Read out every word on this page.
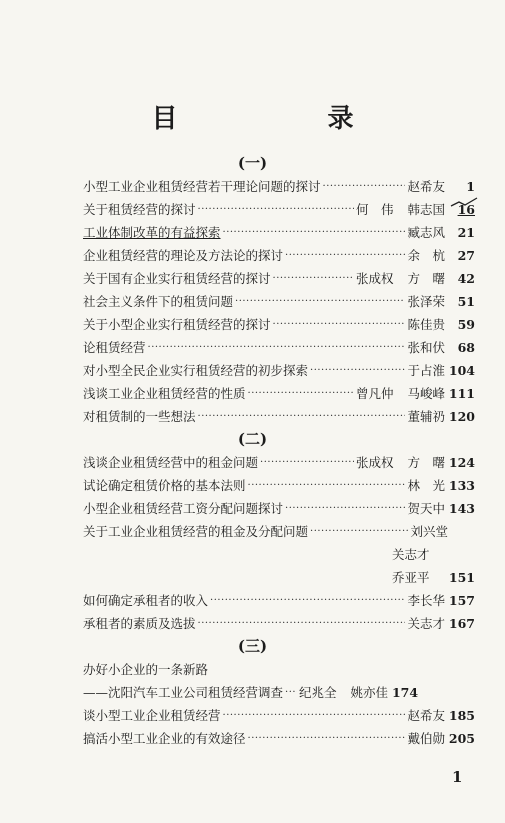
目　录
(一)
小型工业企业租赁经营若干理论问题的探讨 ·····	赵希友	1
关于租赁经营的探讨 ·····	何　伟 韩志国	16
工业体制改革的有益探索 ·····	臧志风	21
企业租赁经营的理论及方法论的探讨 ·····	余　杭	27
关于国有企业实行租赁经营的探讨 ·····	张成权 方　曙	42
社会主义条件下的租赁问题 ·····	张泽荣	51
关于小型企业实行租赁经营的探讨 ·····	陈佳贵	59
论租赁经营 ·····	张和伏	68
对小型全民企业实行租赁经营的初步探索 ·····	于占淮 104
浅谈工业企业租赁经营的性质 ·····	曾凡仲 马峻峰 111
对租赁制的一些想法 ·····	董辅礽 120
(二)
浅谈企业租赁经营中的租金问题 ·····	张成权 方　曙 124
试论确定租赁价格的基本法则 ·····	林　光 133
小型企业租赁经营工资分配问题探讨 ·····	贺天中 143
关于工业企业租赁经营的租金及分配问题 ·····	刘兴堂
关志才
乔亚平	151
如何确定承租者的收入 ·····	李长华 157
承租者的素质及选拔 ·····	关志才 167
(三)
办好小企业的一条新路
——沈阳汽车工业公司租赁经营调查 ····· 纪兆全 姚亦佳 174
谈小型工业企业租赁经营 ·····	赵希友 185
搞活小型工业企业的有效途径 ·····	戴伯勋 205
1
